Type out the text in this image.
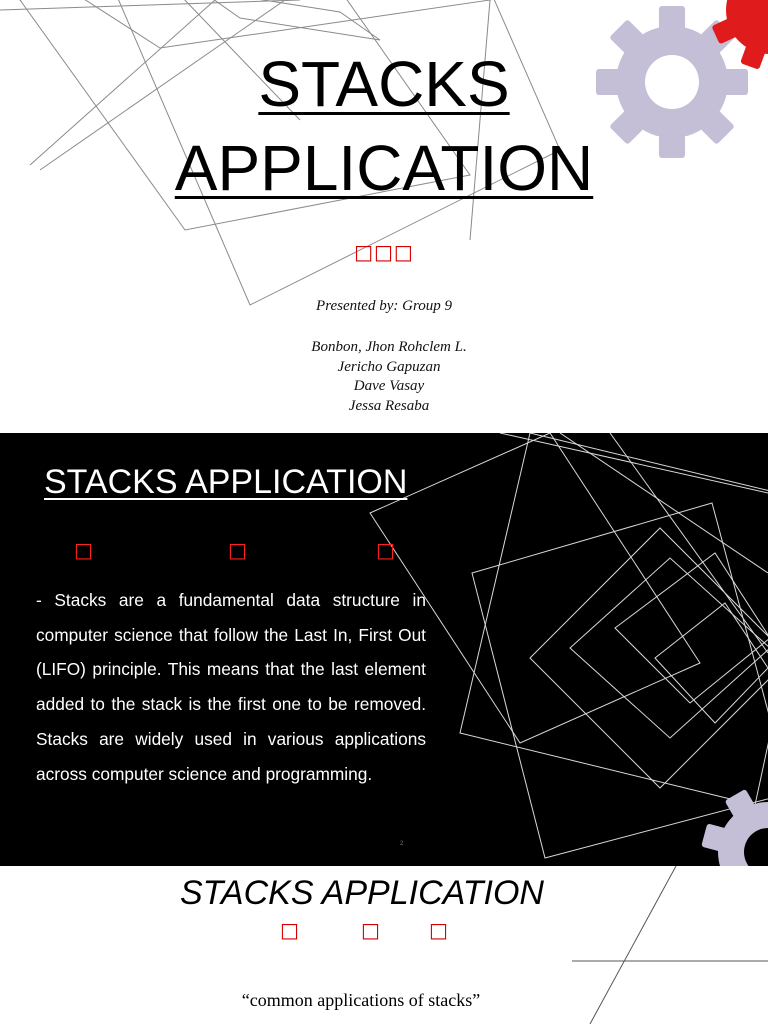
STACKS
APPLICATION
□□□
Presented by: Group 9
Bonbon, Jhon Rohclem L.
Jericho Gapuzan
Dave Vasay
Jessa Resaba
STACKS APPLICATION
□	□	□

- Stacks are a fundamental data structure in computer science that follow the Last In, First Out (LIFO) principle. This means that the last element added to the stack is the first one to be removed. Stacks are widely used in various applications across computer science and programming.

2
STACKS APPLICATION
□	□ □
“common applications of stacks”
